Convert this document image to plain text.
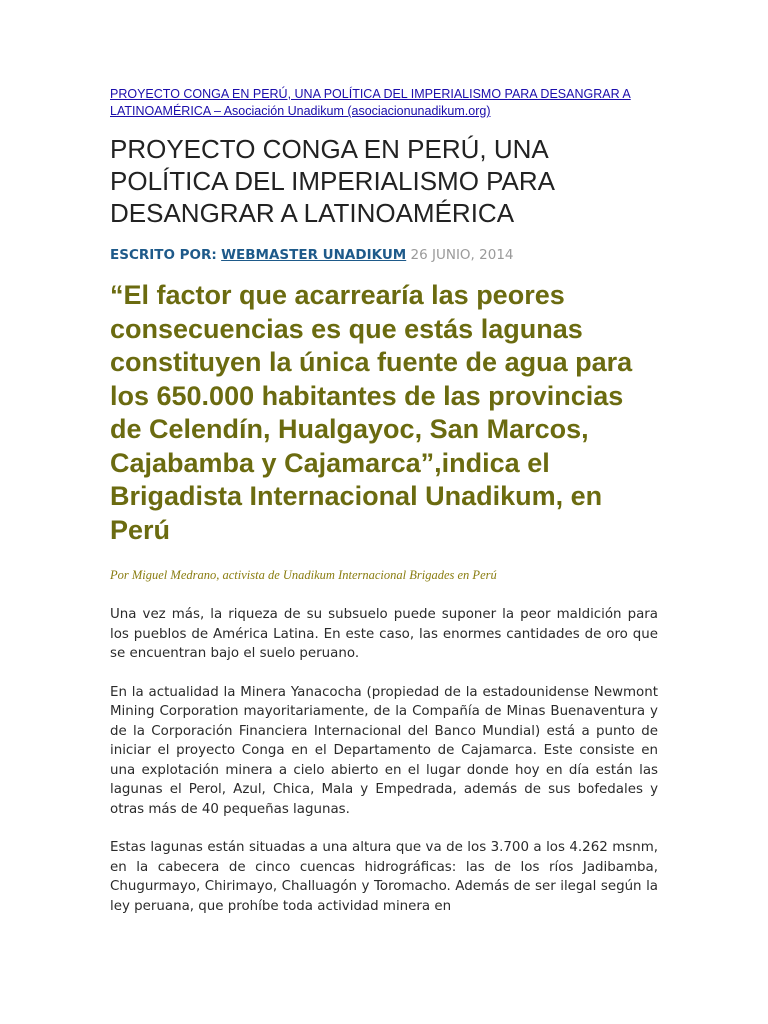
PROYECTO CONGA EN PERÚ, UNA POLÍTICA DEL IMPERIALISMO PARA DESANGRAR A LATINOAMÉRICA – Asociación Unadikum (asociacionunadikum.org)
PROYECTO CONGA EN PERÚ, UNA POLÍTICA DEL IMPERIALISMO PARA DESANGRAR A LATINOAMÉRICA
ESCRITO POR: WEBMASTER UNADIKUM 26 JUNIO, 2014
“El factor que acarrearía las peores consecuencias es que estás lagunas constituyen la única fuente de agua para los 650.000 habitantes de las provincias de Celendín, Hualgayoc, San Marcos, Cajabamba y Cajamarca”,indica el Brigadista Internacional Unadikum, en Perú
Por Miguel Medrano, activista de Unadikum Internacional Brigades en Perú

Una vez más, la riqueza de su subsuelo puede suponer la peor maldición para los pueblos de América Latina. En este caso, las enormes cantidades de oro que se encuentran bajo el suelo peruano.

En la actualidad la Minera Yanacocha (propiedad de la estadounidense Newmont Mining Corporation mayoritariamente, de la Compañía de Minas Buenaventura y de la Corporación Financiera Internacional del Banco Mundial) está a punto de iniciar el proyecto Conga en el Departamento de Cajamarca. Este consiste en una explotación minera a cielo abierto en el lugar donde hoy en día están las lagunas el Perol, Azul, Chica, Mala y Empedrada, además de sus bofedales y otras más de 40 pequeñas lagunas.

Estas lagunas están situadas a una altura que va de los 3.700 a los 4.262 msnm, en la cabecera de cinco cuencas hidrográficas: las de los ríos Jadibamba, Chugurmayo, Chirimayo, Challuagón y Toromacho. Además de ser ilegal según la ley peruana, que prohíbe toda actividad minera en
